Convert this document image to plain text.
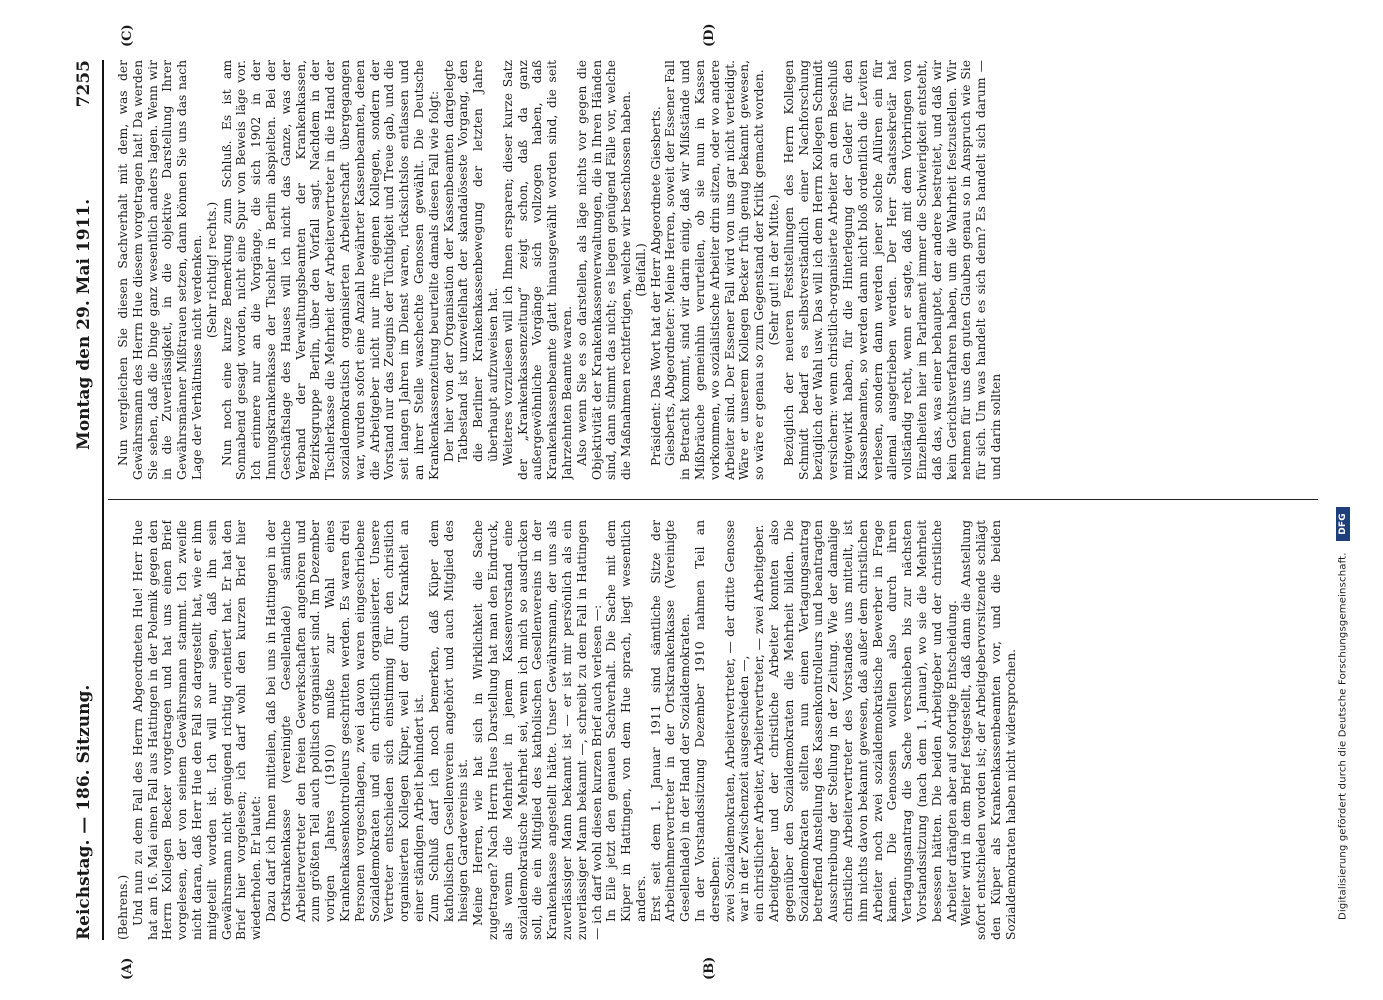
Reichstag. — 186. Sitzung.
Montag den 29. Mai 1911.
7255
(A)	(B)
(C)	(D)

(Behrens.) Und nun zu dem Fall des Herrn Abgeordneten Hue! Herr Hue hat am 16. Mai einen Fall aus Hattingen in der Polemik gegen den Herrn Kollegen Becker vorgetragen und hat uns einen Brief vorgelesen, der von seinem Gewährsmann stammt. Ich zweifle nicht daran, daß Herr Hue den Fall so dargestellt hat, wie er ihm mitgeteilt worden ist. Ich will nur sagen, daß ihn sein Gewährsmann nicht genügend richtig orientiert hat. Er hat den Brief hier vorgelesen; ich darf wohl den kurzen Brief hier wiederholen. Er lautet: Dazu darf ich Ihnen mitteilen, daß bei uns in Hattingen in der Ortskrankenkasse (vereinigte Gesellenlade) sämtliche Arbeitervertreter den freien Gewerkschaften angehören und zum größten Teil auch politisch organisiert sind. Im Dezember vorigen Jahres (1910) mußte zur Wahl eines Krankenkassenkontrolleurs geschritten werden. Es waren drei Personen vorgeschlagen, zwei davon waren eingeschriebene Sozialdemokraten und ein christlich organisierter. Unsere Vertreter entschieden sich einstimmig für den christlich organisierten Kollegen Küper, weil der durch Krankheit an einer ständigen Arbeit behindert ist. Zum Schluß darf ich noch bemerken, daß Küper dem katholischen Gesellenverein angehört und auch Mitglied des hiesigen Gardevereins ist. Meine Herren, wie hat sich in Wirklichkeit die Sache zugetragen? Nach Herrn Hues Darstellung hat man den Eindruck, als wenn die Mehrheit in jenem Kassenvorstand eine sozialdemokratische Mehrheit sei, wenn ich mich so ausdrücken soll, die ein Mitglied des katholischen Gesellenvereins in der Krankenkasse angestellt hätte. Unser Gewährsmann, der uns als zuverlässiger Mann bekannt ist — er ist mir persönlich als ein zuverlässiger Mann bekannt —, schreibt zu dem Fall in Hattingen — ich darf wohl diesen kurzen Brief auch verlesen —: In Eile jetzt den genauen Sachverhalt. Die Sache mit dem Küper in Hattingen, von dem Hue sprach, liegt wesentlich anders. Erst seit dem 1. Januar 1911 sind sämtliche Sitze der Arbeitnehmervertreter in der Ortskrankenkasse (Vereinigte Gesellenlade) in der Hand der Sozialdemokraten. In der Vorstandssitzung Dezember 1910 nahmen Teil an derselben: zwei Sozialdemokraten, Arbeitervertreter, — der dritte Genosse war in der Zwischenzeit ausgeschieden —, ein christlicher Arbeiter, Arbeitervertreter, — zwei Arbeitgeber. Arbeitgeber und der christliche Arbeiter konnten also gegenüber den Sozialdemokraten die Mehrheit bilden. Die Sozialdemokraten stellten nun einen Vertagungsantrag betreffend Anstellung des Kassenkontrolleurs und beantragten Ausschreibung der Stellung in der Zeitung. Wie der damalige christliche Arbeitervertreter des Vorstandes uns mitteilt, ist ihm nichts davon bekannt gewesen, daß außer dem christlichen Arbeiter noch zwei sozialdemokratische Bewerber in Frage kamen. Die Genossen wollten also durch ihren Vertagungsantrag die Sache verschieben bis zur nächsten Vorstandssitzung (nach dem 1. Januar), wo sie die Mehrheit besessen hätten. Die beiden Arbeitgeber und der christliche Arbeiter drängten aber auf sofortige Entscheidung. Weiter wird in dem Brief festgestellt, daß dann die Anstellung sofort entschieden worden ist; der Arbeitgebervorsitzende schlägt den Küper als Krankenkassenbeamten vor, und die beiden Sozialdemokraten haben nicht widersprochen.

Nun vergleichen Sie diesen Sachverhalt mit dem, was der Gewährsmann des Herrn Hue diesem vorgetragen hat! Da werden Sie sehen, daß die Dinge ganz wesentlich anders lagen. Wenn wir in die Zuverlässigkeit, in die objektive Darstellung Ihrer Gewährsmänner Mißtrauen setzen, dann können Sie uns das nach Lage der Verhältnisse nicht verdenken. (Sehr richtig! rechts.) Nun noch eine kurze Bemerkung zum Schluß. Es ist am Sonnabend gesagt worden, nicht eine Spur von Beweis läge vor. Ich erinnere nur an die Vorgänge, die sich 1902 in der Innungskrankenkasse der Tischler in Berlin abspielten. Bei der Geschäftslage des Hauses will ich nicht das Ganze, was der Verband der Verwaltungsbeamten der Krankenkassen, Bezirksgruppe Berlin, über den Vorfall sagt. Nachdem in der Tischlerkasse die Mehrheit der Arbeitervertreter in die Hand der sozialdemokratisch organisierten Arbeiterschaft übergegangen war, wurden sofort eine Anzahl bewährter Kassenbeamten, denen die Arbeitgeber nicht nur ihre eigenen Kollegen, sondern der Vorstand nur das Zeugnis der Tüchtigkeit und Treue gab, und die seit langen Jahren im Dienst waren, rücksichtslos entlassen und an ihrer Stelle waschechte Genossen gewählt. Die Deutsche Krankenkassenzeitung beurteilte damals diesen Fall wie folgt: Der hier von der Organisation der Kassenbeamten dargelegte Tatbestand ist unzweifelhaft der skandalöseste Vorgang, den die Berliner Krankenkassenbewegung der letzten Jahre überhaupt aufzuweisen hat. Weiteres vorzulesen will ich Ihnen ersparen; dieser kurze Satz der „Krankenkassenzeitung“ zeigt schon, daß da ganz außergewöhnliche Vorgänge sich vollzogen haben, daß Krankenkassenbeamte glatt hinausgewählt worden sind, die seit Jahrzehnten Beamte waren. Also wenn Sie es so darstellen, als läge nichts vor gegen die Objektivität der Krankenkassenverwaltungen, die in Ihren Händen sind, dann stimmt das nicht; es liegen genügend Fälle vor, welche die Maßnahmen rechtfertigen, welche wir beschlossen haben. (Beifall.) Präsident: Das Wort hat der Herr Abgeordnete Giesberts. Giesberts, Abgeordneter: Meine Herren, soweit der Essener Fall in Betracht kommt, sind wir darin einig, daß wir Mißstände und Mißbräuche gemeinhin verurteilen, ob sie nun in Kassen vorkommen, wo sozialistische Arbeiter drin sitzen, oder wo andere Arbeiter sind. Der Essener Fall wird von uns gar nicht verteidigt. Wäre er unserem Kollegen Becker früh genug bekannt gewesen, so wäre er genau so zum Gegenstand der Kritik gemacht worden. (Sehr gut! in der Mitte.) Bezüglich der neueren Feststellungen des Herrn Kollegen Schmidt bedarf es selbstverständlich einer Nachforschung bezüglich der Wahl usw. Das will ich dem Herrn Kollegen Schmidt versichern: wenn christlich-organisierte Arbeiter an dem Beschluß mitgewirkt haben, für die Hinterlegung der Gelder für den Kassenbeamten, so werden dann nicht bloß ordentlich die Leviten verlesen, sondern dann werden jener solche Allüren ein für allemal ausgetrieben werden. Der Herr Staatssekretär hat vollständig recht, wenn er sagte, daß mit dem Vorbringen von Einzelheiten hier im Parlament immer die Schwierigkeit entsteht, daß das, was einer behauptet, der andere bestreitet, und daß wir kein Gerichtsverfahren haben, um die Wahrheit festzustellen. Wir nehmen für uns den guten Glauben genau so in Anspruch wie Sie für sich. Um was handelt es sich denn? Es handelt sich darum — und darin sollten

Digitalisierung gefördert durch die Deutsche Forschungsgemeinschaft. DFG
